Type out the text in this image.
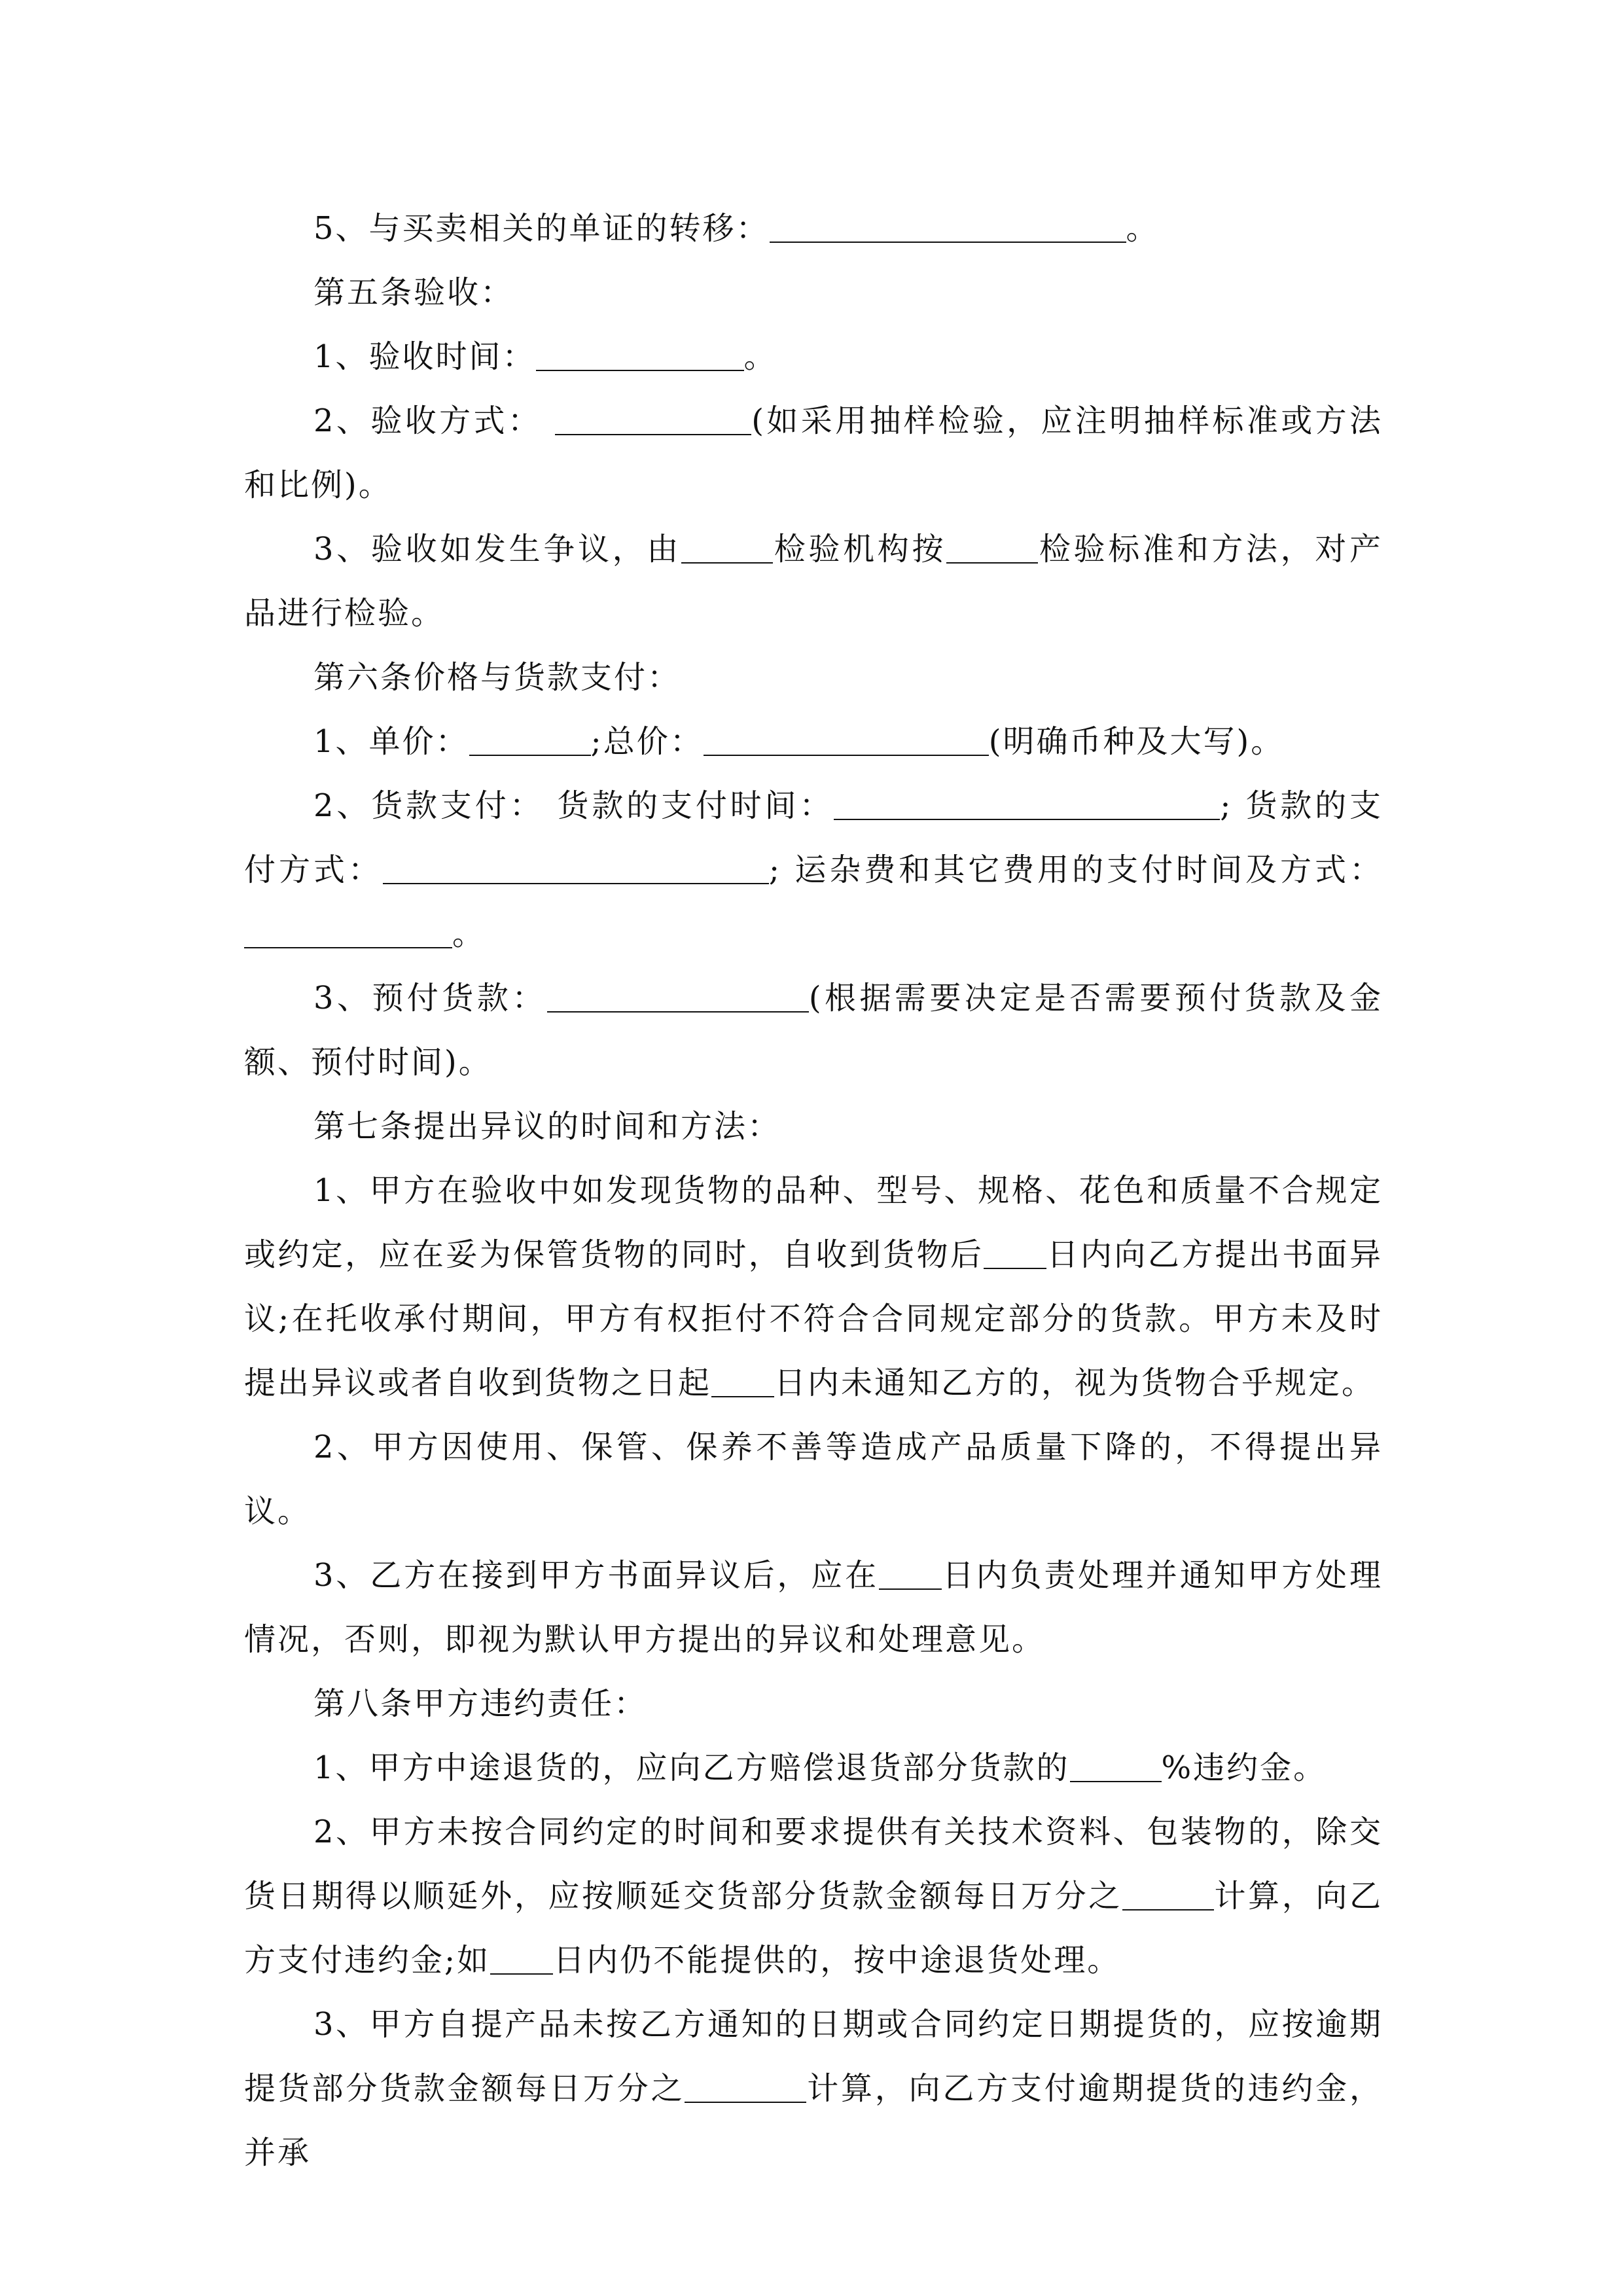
5、与买卖相关的单证的转移：	。

第五条验收：

1、验收时间：	。

2、验收方式：	(如采用抽样检验，应注明抽样标准或方法和比例)。

3、验收如发生争议，由	检验机构按	检验标准和方法，对产品进行检验。

第六条价格与货款支付：

1、单价：	;总价：	(明确币种及大写)。

2、货款支付： 货款的支付时间：	; 货款的支付方式：	; 运杂费和其它费用的支付时间及方式：。

3、预付货款：	(根据需要决定是否需要预付货款及金额、预付时间)。

第七条提出异议的时间和方法：

1、甲方在验收中如发现货物的品种、型号、规格、花色和质量不合规定或约定，应在妥为保管货物的同时，自收到货物后 日内向乙方提出书面异议;在托收承付期间，甲方有权拒付不符合合同规定部分的货款。甲方未及时提出异议或者自收到货物之日起 日内未通知乙方的，视为货物合乎规定。

2、甲方因使用、保管、保养不善等造成产品质量下降的，不得提出异议。

3、乙方在接到甲方书面异议后，应在 日内负责处理并通知甲方处理情况，否则，即视为默认甲方提出的异议和处理意见。

第八条甲方违约责任：

1、甲方中途退货的，应向乙方赔偿退货部分货款的	%违约金。

2、甲方未按合同约定的时间和要求提供有关技术资料、包装物的，除交货日期得以顺延外，应按顺延交货部分货款金额每日万分之	计算，向乙方支付违约金;如 日内仍不能提供的，按中途退货处理。

3、甲方自提产品未按乙方通知的日期或合同约定日期提货的，应按逾期提货部分货款金额每日万分之	计算，向乙方支付逾期提货的违约金，并承
